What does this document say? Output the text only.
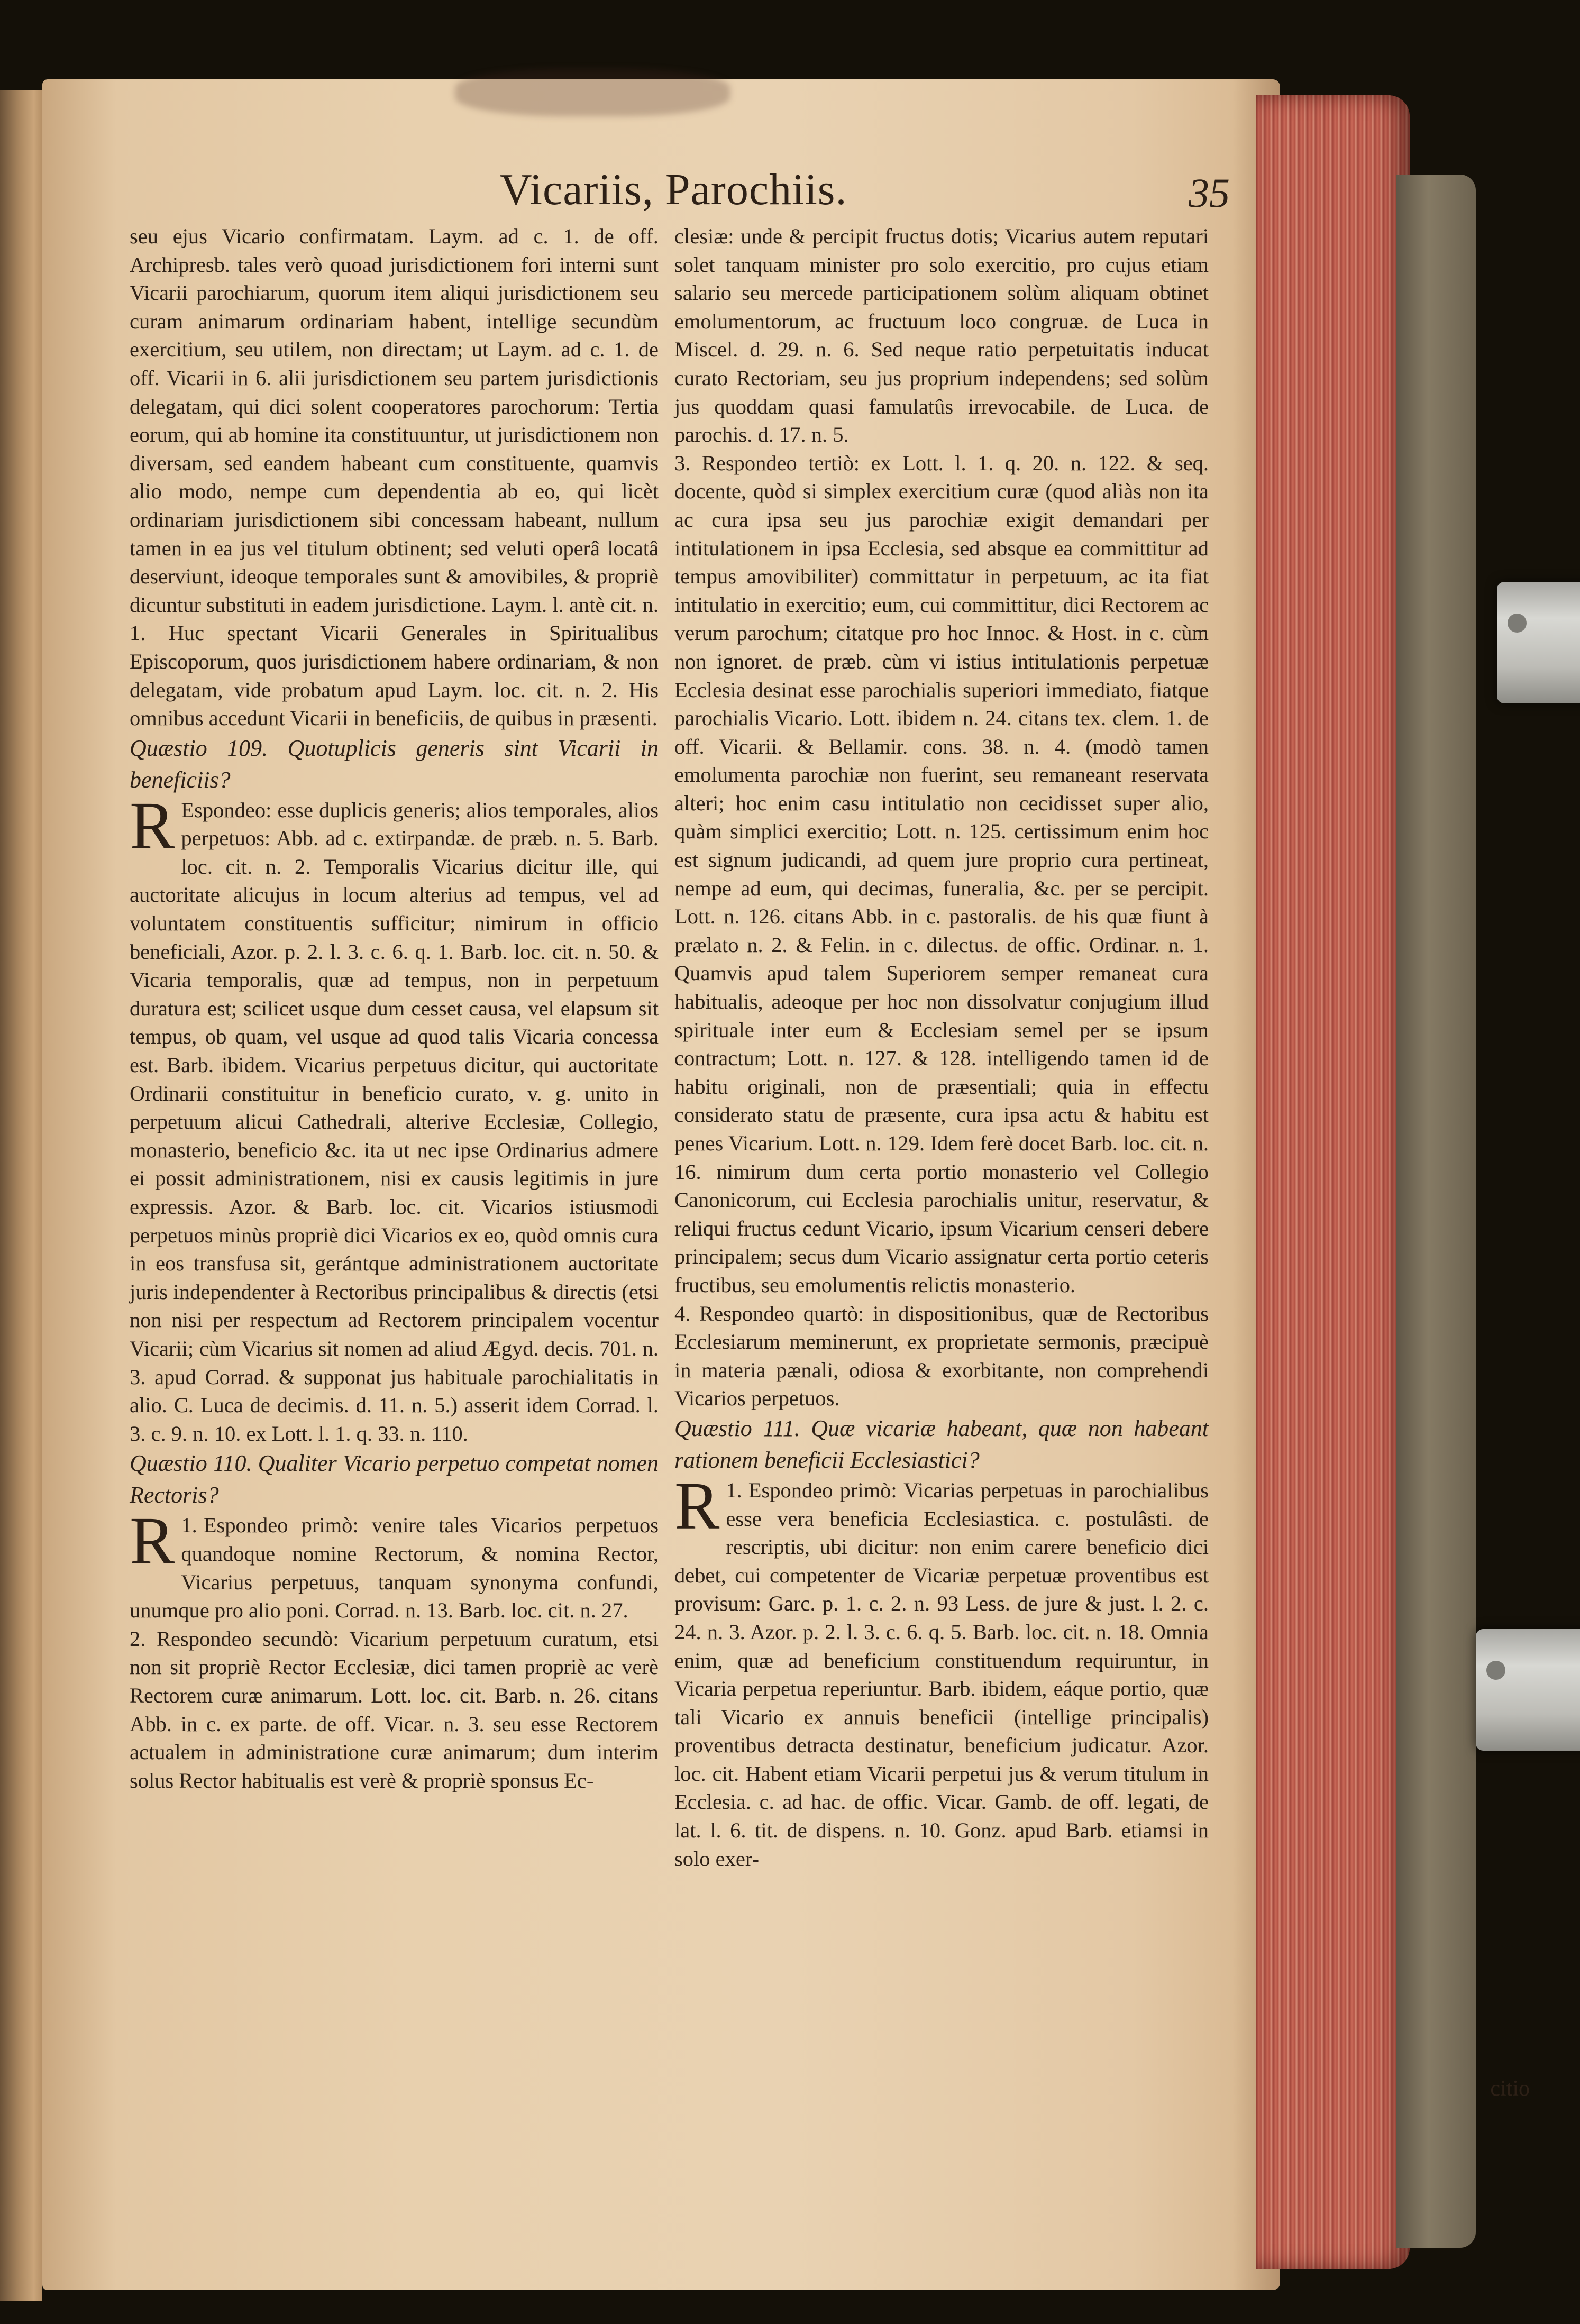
Vicariis, Parochiis.	35

seu ejus Vicario confirmatam. Laym. ad c. 1. de off. Archipresb. tales verò quoad jurisdictionem fori interni sunt Vicarii parochiarum, quorum item aliqui jurisdictionem seu curam animarum ordinariam habent, intellige secundùm exercitium, seu utilem, non directam; ut Laym. ad c. 1. de off. Vicarii in 6. alii jurisdictionem seu partem jurisdictionis delegatam, qui dici solent cooperatores parochorum: Tertia eorum, qui ab homine ita constituuntur, ut jurisdictionem non diversam, sed eandem habeant cum constituente, quamvis alio modo, nempe cum dependentia ab eo, qui licèt ordinariam jurisdictionem sibi concessam habeant, nullum tamen in ea jus vel titulum obtinent; sed veluti operâ locatâ deserviunt, ideoque temporales sunt & amovibiles, & propriè dicuntur substituti in eadem jurisdictione. Laym. l. antè cit. n. 1. Huc spectant Vicarii Generales in Spiritualibus Episcoporum, quos jurisdictionem habere ordinariam, & non delegatam, vide probatum apud Laym. loc. cit. n. 2. His omnibus accedunt Vicarii in beneficiis, de quibus in præsenti.

Quæstio 109. Quotuplicis generis sint Vicarii in beneficiis?

R Espondeo: esse duplicis generis; alios temporales, alios perpetuos: Abb. ad c. extirpandæ. de præb. n. 5. Barb. loc. cit. n. 2. Temporalis Vicarius dicitur ille, qui auctoritate alicujus in locum alterius ad tempus, vel ad voluntatem constituentis sufficitur; nimirum in officio beneficiali, Azor. p. 2. l. 3. c. 6. q. 1. Barb. loc. cit. n. 50. & Vicaria temporalis, quæ ad tempus, non in perpetuum duratura est; scilicet usque dum cesset causa, vel elapsum sit tempus, ob quam, vel usque ad quod talis Vicaria concessa est. Barb. ibidem. Vicarius perpetuus dicitur, qui auctoritate Ordinarii constituitur in beneficio curato, v. g. unito in perpetuum alicui Cathedrali, alterive Ecclesiæ, Collegio, monasterio, beneficio &c. ita ut nec ipse Ordinarius admere ei possit administrationem, nisi ex causis legitimis in jure expressis. Azor. & Barb. loc. cit. Vicarios istiusmodi perpetuos minùs propriè dici Vicarios ex eo, quòd omnis cura in eos transfusa sit, gerántque administrationem auctoritate juris independenter à Rectoribus principalibus & directis (etsi non nisi per respectum ad Rectorem principalem vocentur Vicarii; cùm Vicarius sit nomen ad aliud Ægyd. decis. 701. n. 3. apud Corrad. & supponat jus habituale parochialitatis in alio. C. Luca de decimis. d. 11. n. 5.) asserit idem Corrad. l. 3. c. 9. n. 10. ex Lott. l. 1. q. 33. n. 110.

Quæstio 110. Qualiter Vicario perpetuo competat nomen Rectoris?

1.
R Espondeo primò: venire tales Vicarios perpetuos quandoque nomine Rectorum, & nomina Rector, Vicarius perpetuus, tanquam synonyma confundi, unumque pro alio poni. Corrad. n. 13. Barb. loc. cit. n. 27.

2. Respondeo secundò: Vicarium perpetuum curatum, etsi non sit propriè Rector Ecclesiæ, dici tamen propriè ac verè Rectorem curæ animarum. Lott. loc. cit. Barb. n. 26. citans Abb. in c. ex parte. de off. Vicar. n. 3. seu esse Rectorem actualem in administratione curæ animarum; dum interim solus Rector habitualis est verè & propriè sponsus Ec-

clesiæ: unde & percipit fructus dotis; Vicarius autem reputari solet tanquam minister pro solo exercitio, pro cujus etiam salario seu mercede participationem solùm aliquam obtinet emolumentorum, ac fructuum loco congruæ. de Luca in Miscel. d. 29. n. 6. Sed neque ratio perpetuitatis inducat curato Rectoriam, seu jus proprium independens; sed solùm jus quoddam quasi famulatûs irrevocabile. de Luca. de parochis. d. 17. n. 5.

3. Respondeo tertiò: ex Lott. l. 1. q. 20. n. 122. & seq. docente, quòd si simplex exercitium curæ (quod aliàs non ita ac cura ipsa seu jus parochiæ exigit demandari per intitulationem in ipsa Ecclesia, sed absque ea committitur ad tempus amovibiliter) committatur in perpetuum, ac ita fiat intitulatio in exercitio; eum, cui committitur, dici Rectorem ac verum parochum; citatque pro hoc Innoc. & Host. in c. cùm non ignoret. de præb. cùm vi istius intitulationis perpetuæ Ecclesia desinat esse parochialis superiori immediato, fiatque parochialis Vicario. Lott. ibidem n. 24. citans tex. clem. 1. de off. Vicarii. & Bellamir. cons. 38. n. 4. (modò tamen emolumenta parochiæ non fuerint, seu remaneant reservata alteri; hoc enim casu intitulatio non cecidisset super alio, quàm simplici exercitio; Lott. n. 125. certissimum enim hoc est signum judicandi, ad quem jure proprio cura pertineat, nempe ad eum, qui decimas, funeralia, &c. per se percipit. Lott. n. 126. citans Abb. in c. pastoralis. de his quæ fiunt à prælato n. 2. & Felin. in c. dilectus. de offic. Ordinar. n. 1. Quamvis apud talem Superiorem semper remaneat cura habitualis, adeoque per hoc non dissolvatur conjugium illud spirituale inter eum & Ecclesiam semel per se ipsum contractum; Lott. n. 127. & 128. intelligendo tamen id de habitu originali, non de præsentiali; quia in effectu considerato statu de præsente, cura ipsa actu & habitu est penes Vicarium. Lott. n. 129. Idem ferè docet Barb. loc. cit. n. 16. nimirum dum certa portio monasterio vel Collegio Canonicorum, cui Ecclesia parochialis unitur, reservatur, & reliqui fructus cedunt Vicario, ipsum Vicarium censeri debere principalem; secus dum Vicario assignatur certa portio ceteris fructibus, seu emolumentis relictis monasterio.

4. Respondeo quartò: in dispositionibus, quæ de Rectoribus Ecclesiarum meminerunt, ex proprietate sermonis, præcipuè in materia pænali, odiosa & exorbitante, non comprehendi Vicarios perpetuos.

Quæstio 111. Quæ vicariæ habeant, quæ non habeant rationem beneficii Ecclesiastici?

1.
R Espondeo primò: Vicarias perpetuas in parochialibus esse vera beneficia Ecclesiastica. c. postulâsti. de rescriptis, ubi dicitur: non enim carere beneficio dici debet, cui competenter de Vicariæ perpetuæ proventibus est provisum: Garc. p. 1. c. 2. n. 93 Less. de jure & just. l. 2. c. 24. n. 3. Azor. p. 2. l. 3. c. 6. q. 5. Barb. loc. cit. n. 18. Omnia enim, quæ ad beneficium constituendum requiruntur, in Vicaria perpetua reperiuntur. Barb. ibidem, eáque portio, quæ tali Vicario ex annuis beneficii (intellige principalis) proventibus detracta destinatur, beneficium judicatur. Azor. loc. cit. Habent etiam Vicarii perpetui jus & verum titulum in Ecclesia. c. ad hac. de offic. Vicar. Gamb. de off. legati, de lat. l. 6. tit. de dispens. n. 10. Gonz. apud Barb. etiamsi in solo exer-

citio
